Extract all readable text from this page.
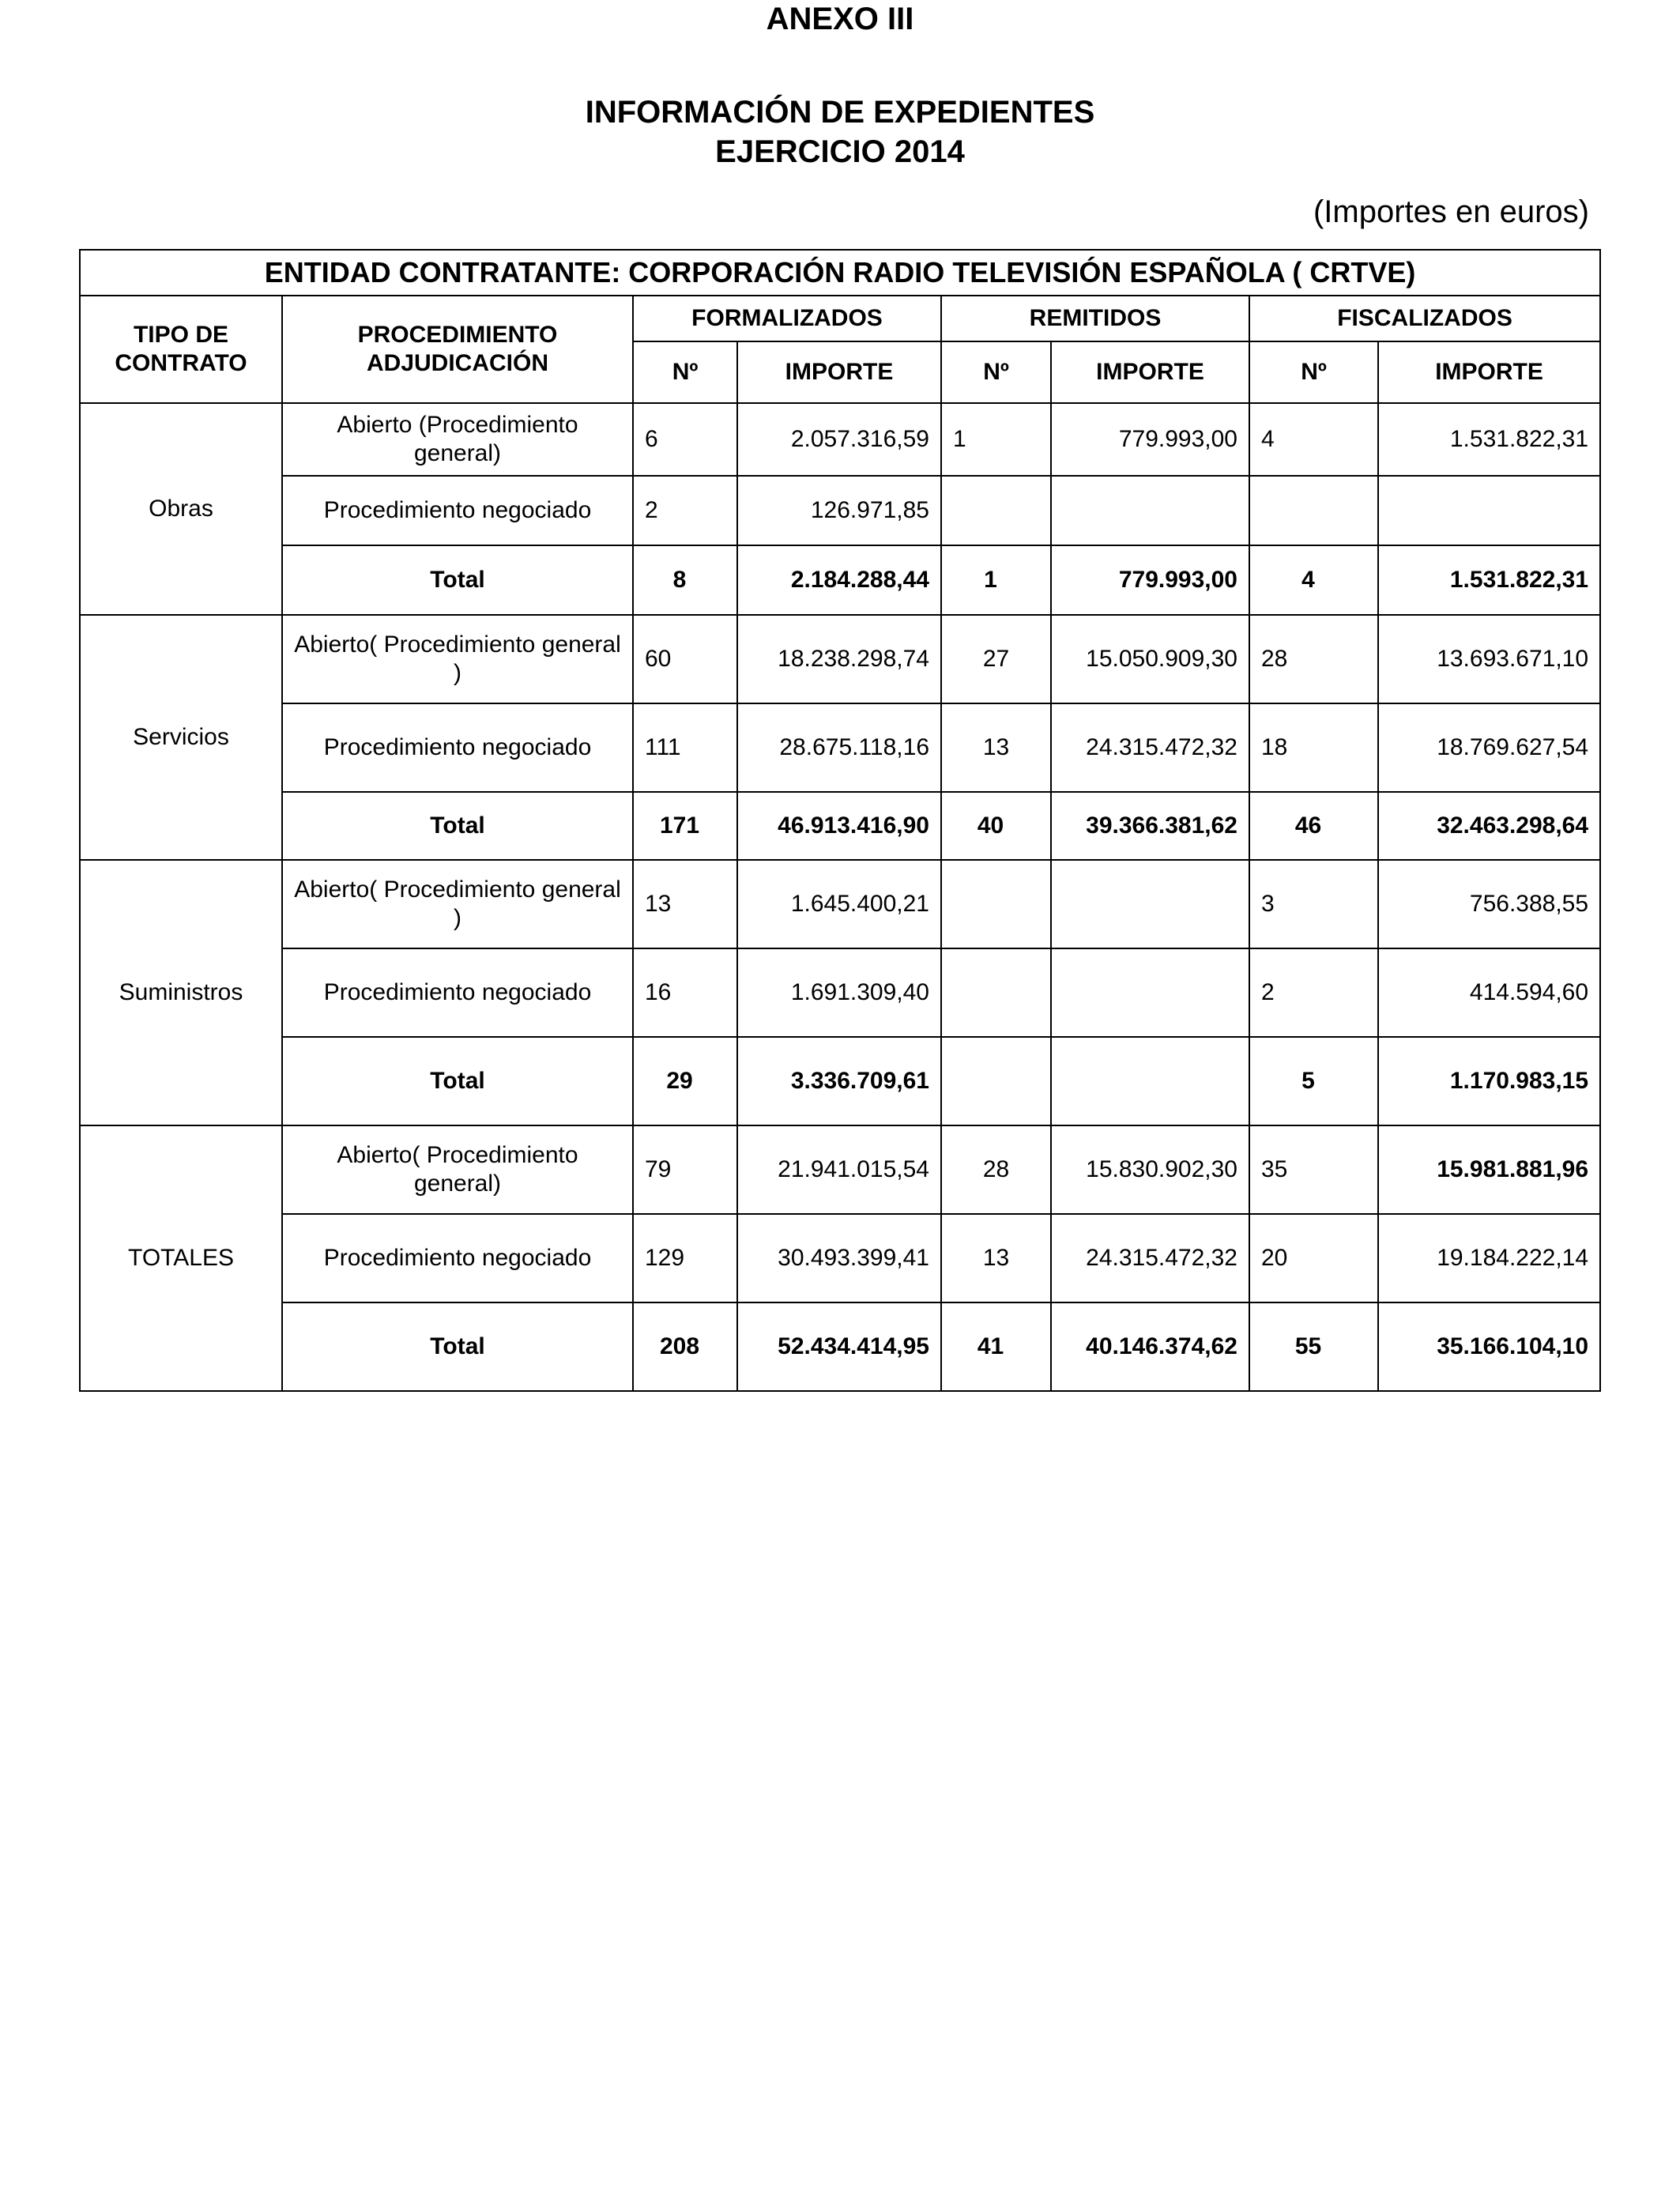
ANEXO III
INFORMACIÓN DE EXPEDIENTES
EJERCICIO 2014
(Importes en euros)
ENTIDAD CONTRATANTE: CORPORACIÓN RADIO TELEVISIÓN ESPAÑOLA ( CRTVE)							
TIPO DE CONTRATO	PROCEDIMIENTO ADJUDICACIÓN	FORMALIZADOS		REMITIDOS		FISCALIZADOS	
		Nº	IMPORTE	Nº	IMPORTE	Nº	IMPORTE
Obras	Abierto (Procedimiento general)	6	2.057.316,59	1	779.993,00	4	1.531.822,31
	Procedimiento negociado	2	126.971,85				
	Total	8	2.184.288,44	1	779.993,00	4	1.531.822,31
Servicios	Abierto( Procedimiento general )	60	18.238.298,74	27	15.050.909,30	28	13.693.671,10
	Procedimiento negociado	111	28.675.118,16	13	24.315.472,32	18	18.769.627,54
	Total	171	46.913.416,90	40	39.366.381,62	46	32.463.298,64
Suministros	Abierto( Procedimiento general )	13	1.645.400,21			3	756.388,55
	Procedimiento negociado	16	1.691.309,40			2	414.594,60
	Total	29	3.336.709,61			5	1.170.983,15
TOTALES	Abierto( Procedimiento general)	79	21.941.015,54	28	15.830.902,30	35	15.981.881,96
	Procedimiento negociado	129	30.493.399,41	13	24.315.472,32	20	19.184.222,14
	Total	208	52.434.414,95	41	40.146.374,62	55	35.166.104,10
